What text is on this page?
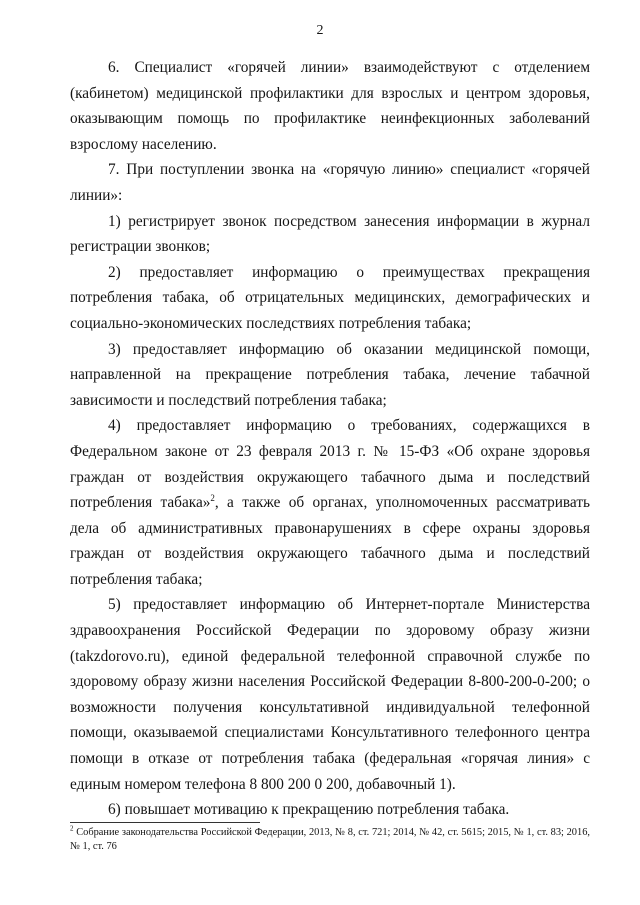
2

6. Специалист «горячей линии» взаимодействуют с отделением (кабинетом) медицинской профилактики для взрослых и центром здоровья, оказывающим помощь по профилактике неинфекционных заболеваний взрослому населению.

7. При поступлении звонка на «горячую линию» специалист «горячей линии»:

1) регистрирует звонок посредством занесения информации в журнал регистрации звонков;

2) предоставляет информацию о преимуществах прекращения потребления табака, об отрицательных медицинских, демографических и социально-экономических последствиях потребления табака;

3) предоставляет информацию об оказании медицинской помощи, направленной на прекращение потребления табака, лечение табачной зависимости и последствий потребления табака;

4) предоставляет информацию о требованиях, содержащихся в Федеральном законе от 23 февраля 2013 г. № 15-ФЗ «Об охране здоровья граждан от воздействия окружающего табачного дыма и последствий потребления табака»$^2$, а также об органах, уполномоченных рассматривать дела об административных правонарушениях в сфере охраны здоровья граждан от воздействия окружающего табачного дыма и последствий потребления табака;

5) предоставляет информацию об Интернет-портале Министерства здравоохранения Российской Федерации по здоровому образу жизни (takzdorovo.ru), единой федеральной телефонной справочной службе по здоровому образу жизни населения Российской Федерации 8-800-200-0-200; о возможности получения консультативной индивидуальной телефонной помощи, оказываемой специалистами Консультативного телефонного центра помощи в отказе от потребления табака (федеральная «горячая линия» с единым номером телефона 8 800 200 0 200, добавочный 1).

6) повышает мотивацию к прекращению потребления табака.

$^2$ Собрание законодательства Российской Федерации, 2013, № 8, ст. 721; 2014, № 42, ст. 5615; 2015, № 1, ст. 83; 2016, № 1, ст. 76
